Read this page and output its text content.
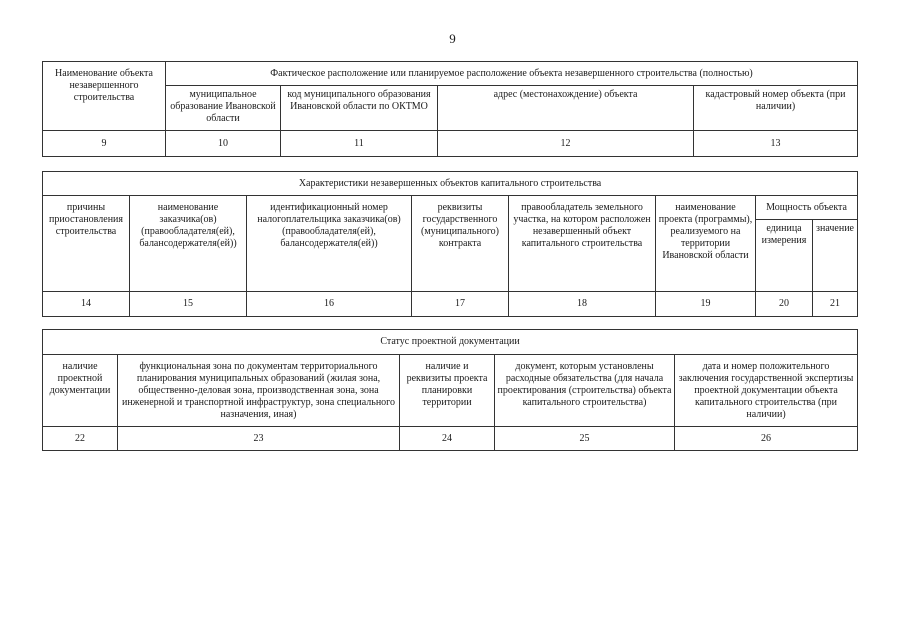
9
Наименование объекта незавершенного строительства	Фактическое расположение или планируемое расположение объекта незавершенного строительства (полностью)			
	муниципальное образование Ивановской области	код муниципального образования Ивановской области по ОКТМО	адрес (местонахождение) объекта	кадастровый номер объекта (при наличии)
9	10	11	12	13
Характеристики незавершенных объектов капитального строительства							
причины приостановления строительства	наименование заказчика(ов) (правообладателя(ей), балансодержателя(ей))	идентификационный номер налогоплательщика заказчика(ов) (правообладателя(ей), балансодержателя(ей))	реквизиты государственного (муниципального) контракта	правообладатель земельного участка, на котором расположен незавершенный объект капитального строительства	наименование проекта (программы), реализуемого на территории Ивановской области	Мощность объекта	
						единица измерения	значение
14	15	16	17	18	19	20	21
Статус проектной документации				
наличие проектной документации	функциональная зона по документам территориального планирования муниципальных образований (жилая зона, общественно-деловая зона, производственная зона, зона инженерной и транспортной инфраструктур, зона специального назначения, иная)	наличие и реквизиты проекта планировки территории	документ, которым установлены расходные обязательства (для начала проектирования (строительства) объекта капитального строительства)	дата и номер положительного заключения государственной экспертизы проектной документации объекта капитального строительства (при наличии)
22	23	24	25	26
